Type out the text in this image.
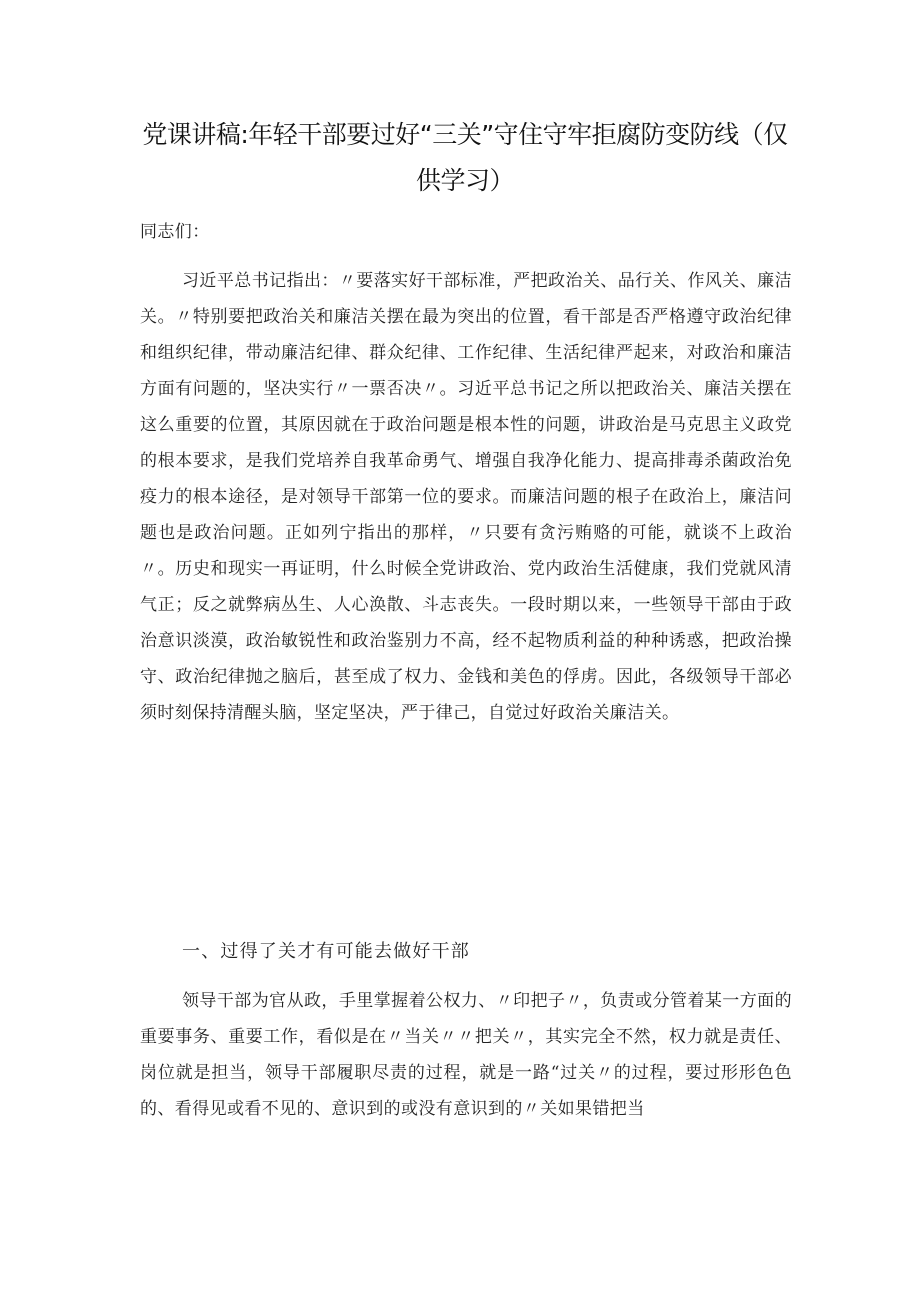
党课讲稿:年轻干部要过好“三关”守住守牢拒腐防变防线（仅供学习）

同志们：

习近平总书记指出：〃要落实好干部标准，严把政治关、品行关、作风关、廉洁关。〃特别要把政治关和廉洁关摆在最为突出的位置，看干部是否严格遵守政治纪律和组织纪律，带动廉洁纪律、群众纪律、工作纪律、生活纪律严起来，对政治和廉洁方面有问题的，坚决实行〃一票否决〃。习近平总书记之所以把政治关、廉洁关摆在这么重要的位置，其原因就在于政治问题是根本性的问题，讲政治是马克思主义政党的根本要求，是我们党培养自我革命勇气、增强自我净化能力、提高排毒杀菌政治免疫力的根本途径，是对领导干部第一位的要求。而廉洁问题的根子在政治上，廉洁问题也是政治问题。正如列宁指出的那样，〃只要有贪污贿赂的可能，就谈不上政治〃。历史和现实一再证明，什么时候全党讲政治、党内政治生活健康，我们党就风清气正；反之就弊病丛生、人心涣散、斗志丧失。一段时期以来，一些领导干部由于政治意识淡漠，政治敏锐性和政治鉴别力不高，经不起物质利益的种种诱惑，把政治操守、政治纪律抛之脑后，甚至成了权力、金钱和美色的俘虏。因此，各级领导干部必须时刻保持清醒头脑，坚定坚决，严于律己，自觉过好政治关廉洁关。

一、过得了关才有可能去做好干部

领导干部为官从政，手里掌握着公权力、〃印把子〃，负责或分管着某一方面的重要事务、重要工作，看似是在〃当关〃〃把关〃，其实完全不然，权力就是责任、岗位就是担当，领导干部履职尽责的过程，就是一路“过关〃的过程，要过形形色色的、看得见或看不见的、意识到的或没有意识到的〃关如果错把当
